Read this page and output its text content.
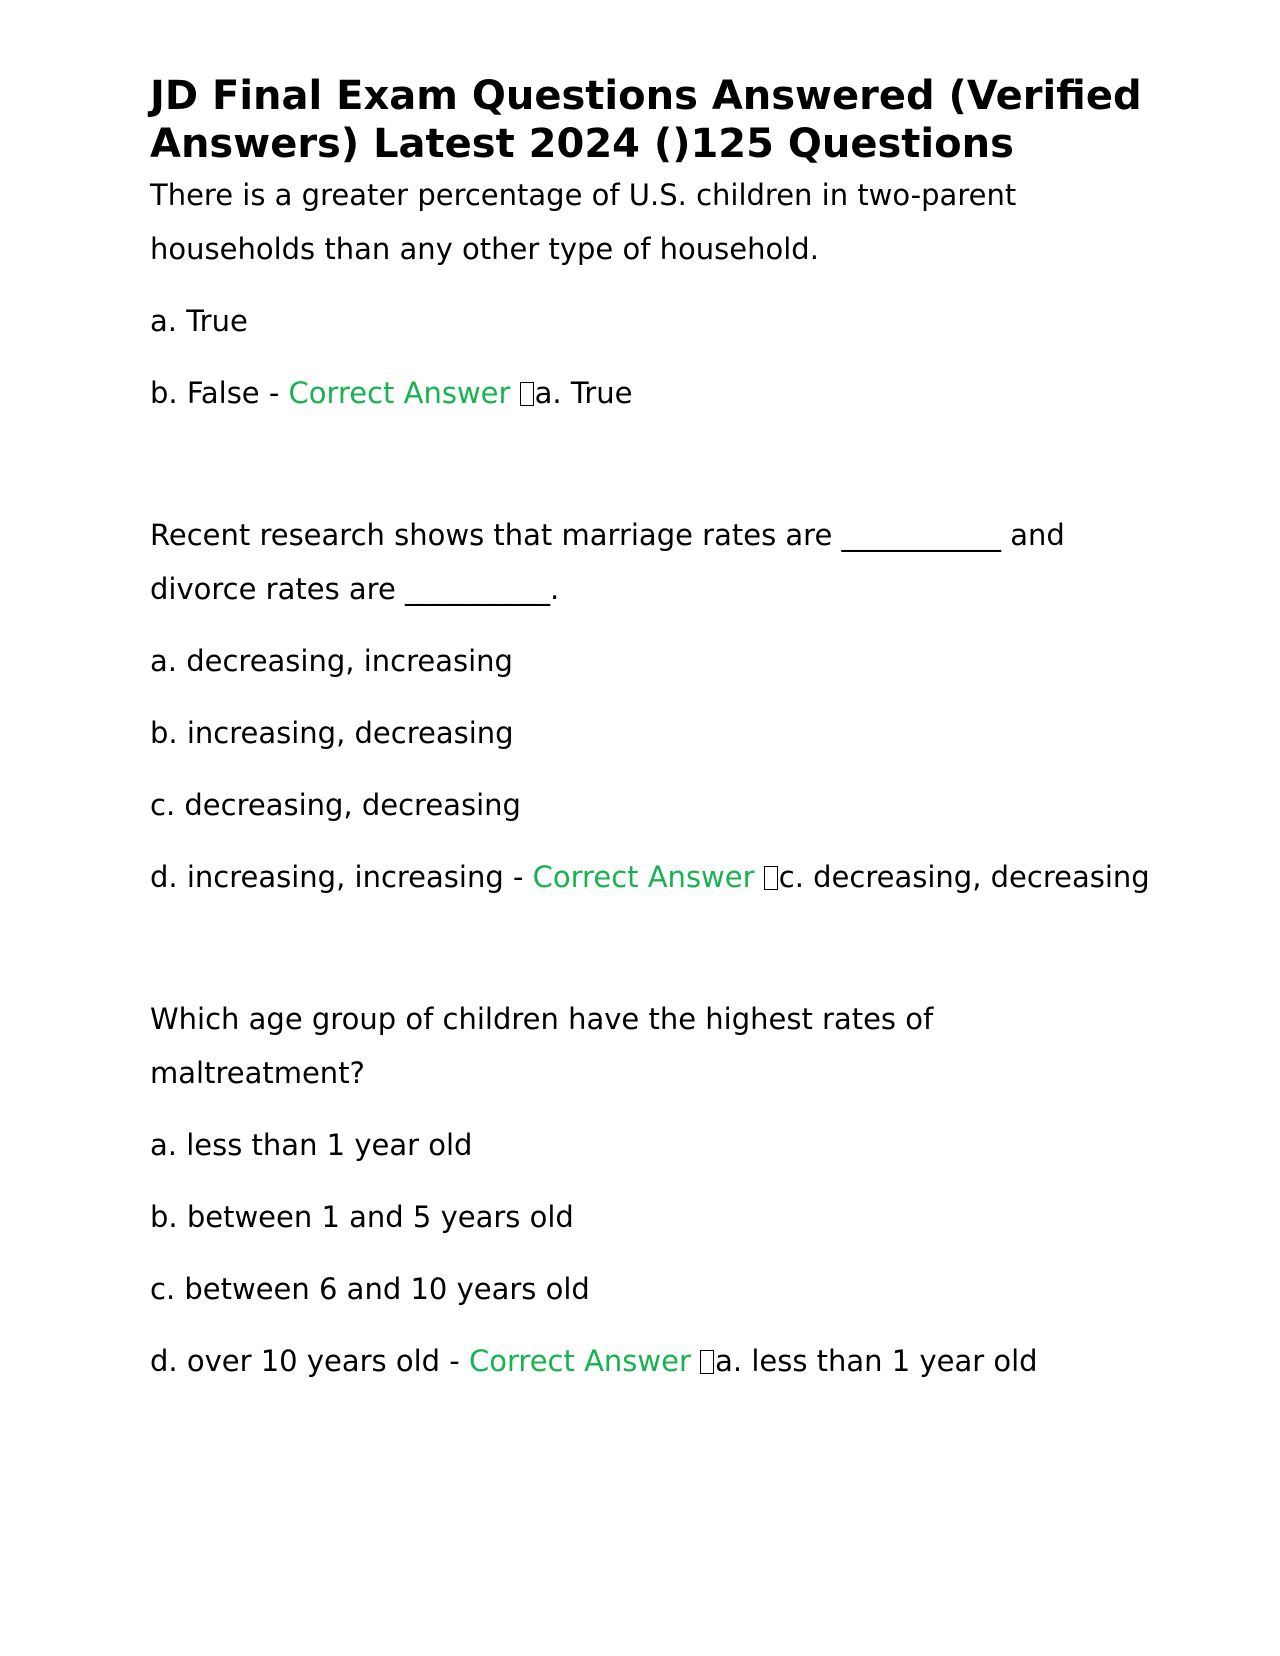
JD Final Exam Questions Answered (Verified Answers) Latest 2024 ()125 Questions

There is a greater percentage of U.S. children in two-parent households than any other type of household.

a. True

b. False - Correct Answer a. True

Recent research shows that marriage rates are ___________ and divorce rates are __________.

a. decreasing, increasing

b. increasing, decreasing

c. decreasing, decreasing

d. increasing, increasing - Correct Answer c. decreasing, decreasing

Which age group of children have the highest rates of maltreatment?

a. less than 1 year old

b. between 1 and 5 years old

c. between 6 and 10 years old

d. over 10 years old - Correct Answer a. less than 1 year old
